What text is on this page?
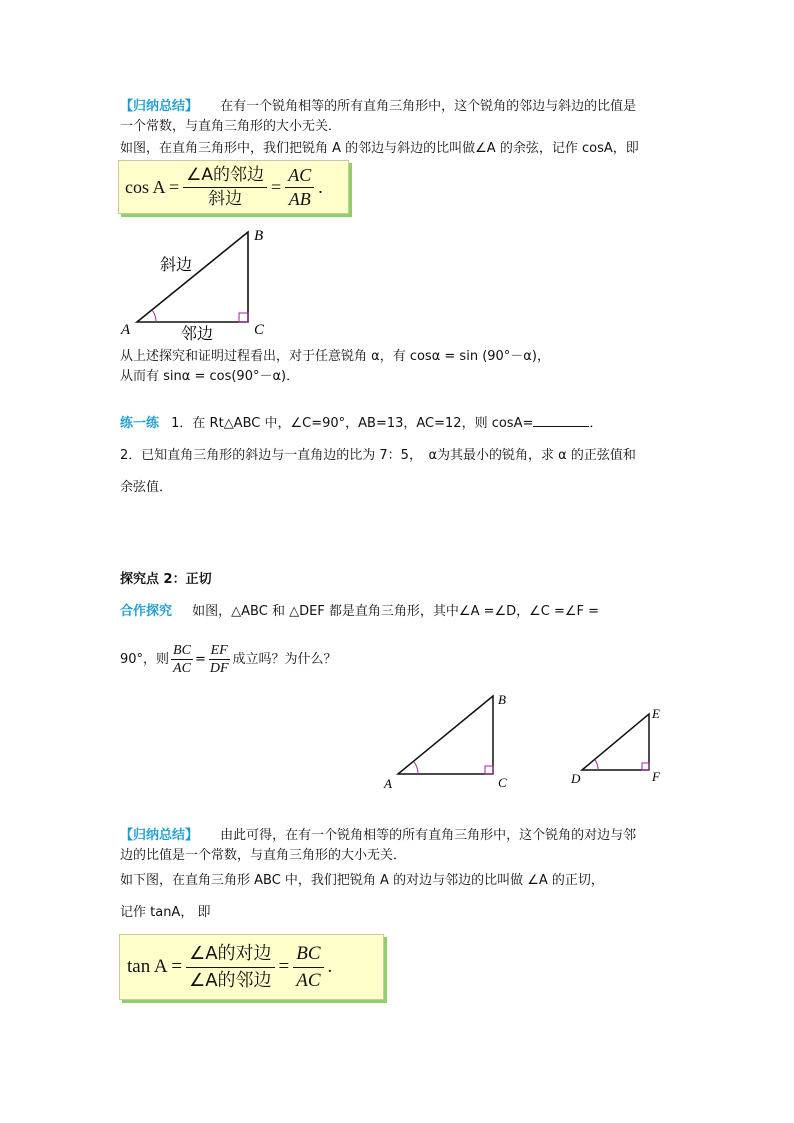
【归纳总结】 在有一个锐角相等的所有直角三角形中，这个锐角的邻边与斜边的比值是
一个常数，与直角三角形的大小无关．
如图，在直角三角形中，我们把锐角 A 的邻边与斜边的比叫做∠A 的余弦，记作 cosA，即
$\cos A = \frac{\text{∠A的邻边}}{\text{斜边}} = \frac{AC}{AB}$ .
A
B
C
斜边
邻边
从上述探究和证明过程看出，对于任意锐角 α，有 cosα = sin (90°－α)，
从而有 sinα = cos(90°－α)．
练一练 1．在 Rt△ABC 中，∠C=90°，AB=13，AC=12，则 cosA=	．
2．已知直角三角形的斜边与一直角边的比为 7：5，　α为其最小的锐角，求 α 的正弦值和
余弦值．
探究点 2：正切
合作探究 如图，△ABC 和 △DEF 都是直角三角形，其中∠A =∠D，∠C =∠F =
90°，则 $\frac{BC}{AC} = \frac{EF}{DF}$ 成立吗？为什么？
A
B
C	D
E
F
【归纳总结】 由此可得，在有一个锐角相等的所有直角三角形中，这个锐角的对边与邻
边的比值是一个常数，与直角三角形的大小无关．
如下图，在直角三角形 ABC 中，我们把锐角 A 的对边与邻边的比叫做 ∠A 的正切，
记作 tanA， 即
$\tan A = \frac{\text{∠A的对边}}{\text{∠A的邻边}} = \frac{BC}{AC}$ .
